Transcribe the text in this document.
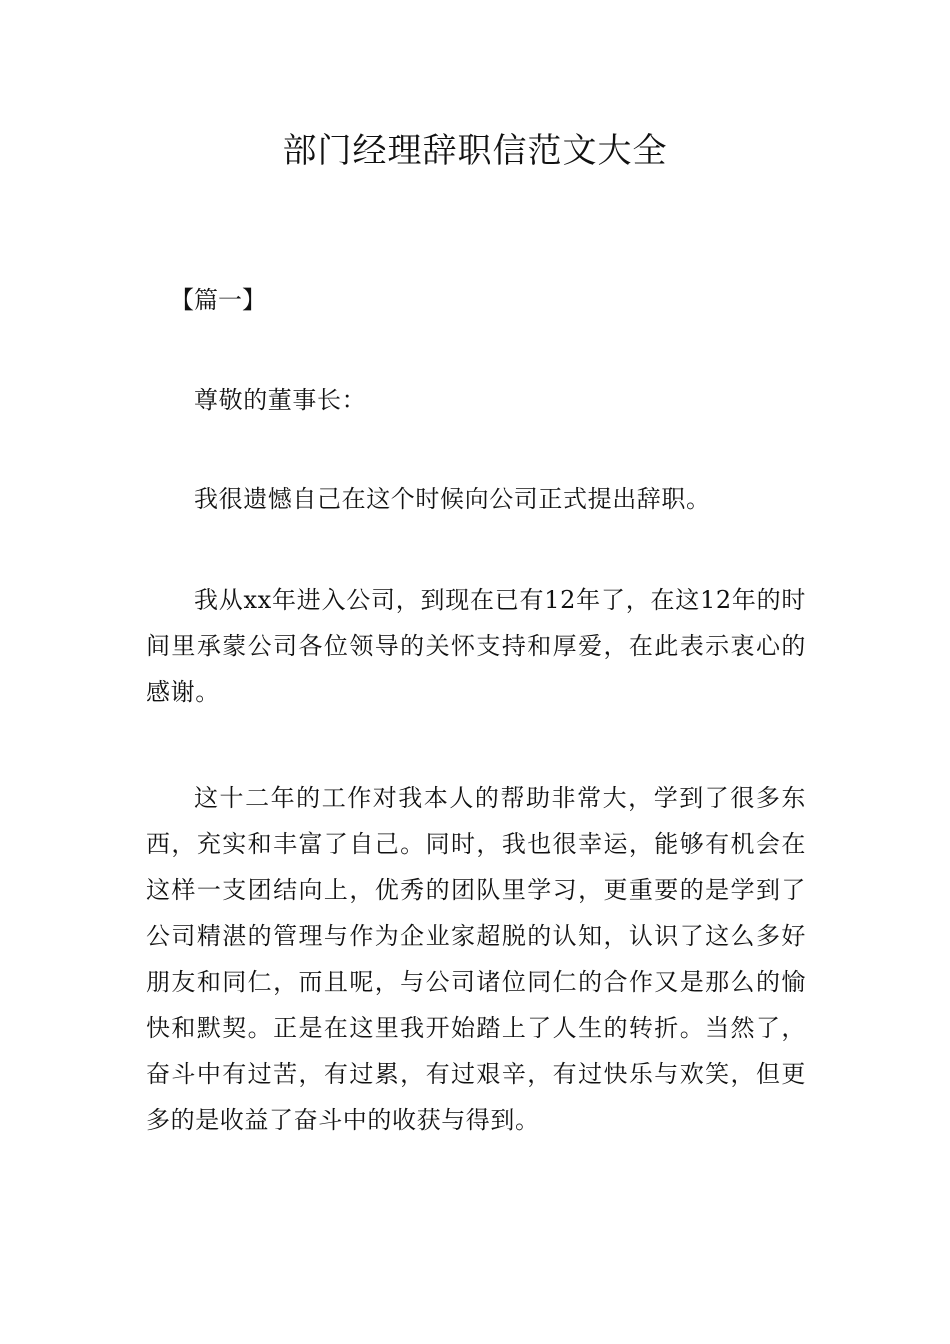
部门经理辞职信范文大全
【篇一】
尊敬的董事长：

我很遗憾自己在这个时候向公司正式提出辞职。

我从xx年进入公司，到现在已有12年了，在这12年的时间里承蒙公司各位领导的关怀支持和厚爱，在此表示衷心的感谢。

这十二年的工作对我本人的帮助非常大，学到了很多东西，充实和丰富了自己。同时，我也很幸运，能够有机会在这样一支团结向上，优秀的团队里学习，更重要的是学到了公司精湛的管理与作为企业家超脱的认知，认识了这么多好朋友和同仁，而且呢，与公司诸位同仁的合作又是那么的愉快和默契。正是在这里我开始踏上了人生的转折。当然了，奋斗中有过苦，有过累，有过艰辛，有过快乐与欢笑，但更多的是收益了奋斗中的收获与得到。
